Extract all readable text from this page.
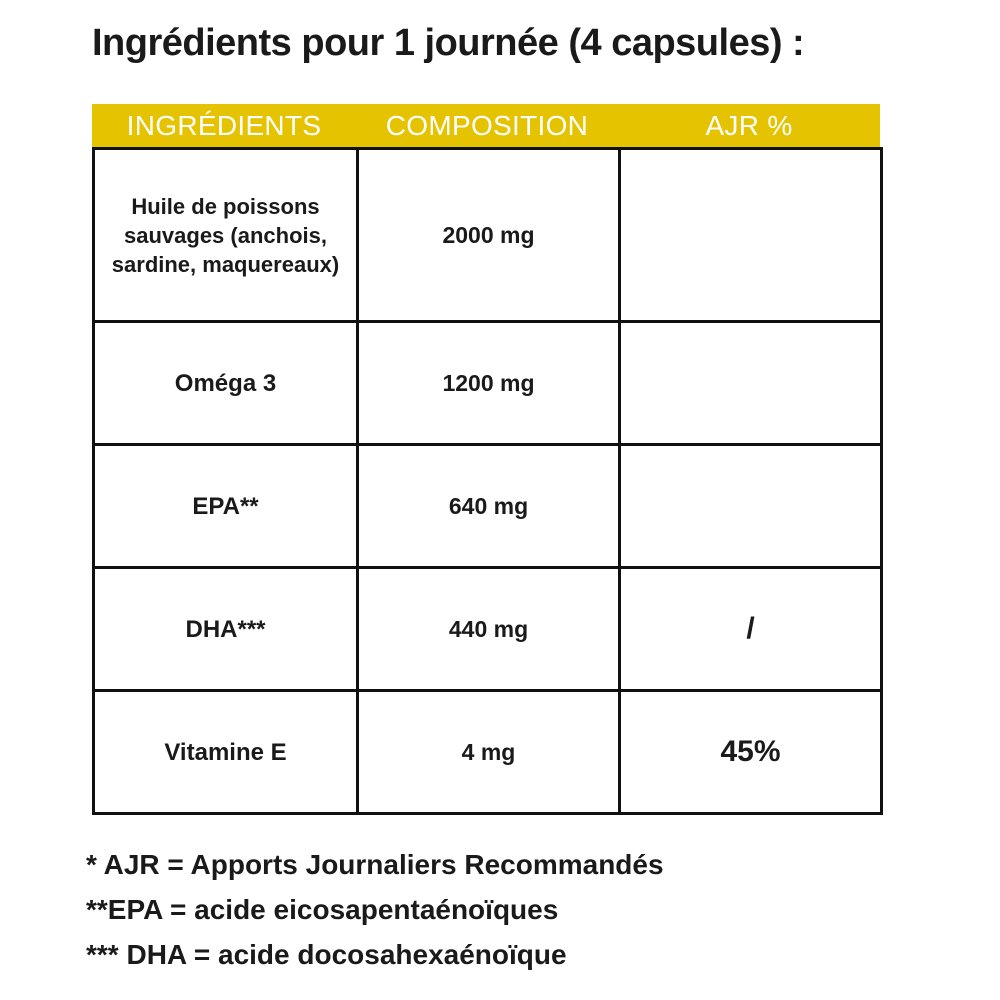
Ingrédients pour 1 journée (4 capsules) :
INGRÉDIENTS	COMPOSITION	AJR %
Huile de poissons sauvages (anchois, sardine, maquereaux)	2000 mg	
Oméga 3	1200 mg	
EPA**	640 mg	
DHA***	440 mg	/
Vitamine E	4 mg	45%
* AJR = Apports Journaliers Recommandés
**EPA = acide eicosapentaénoïques
*** DHA = acide docosahexaénoïque
